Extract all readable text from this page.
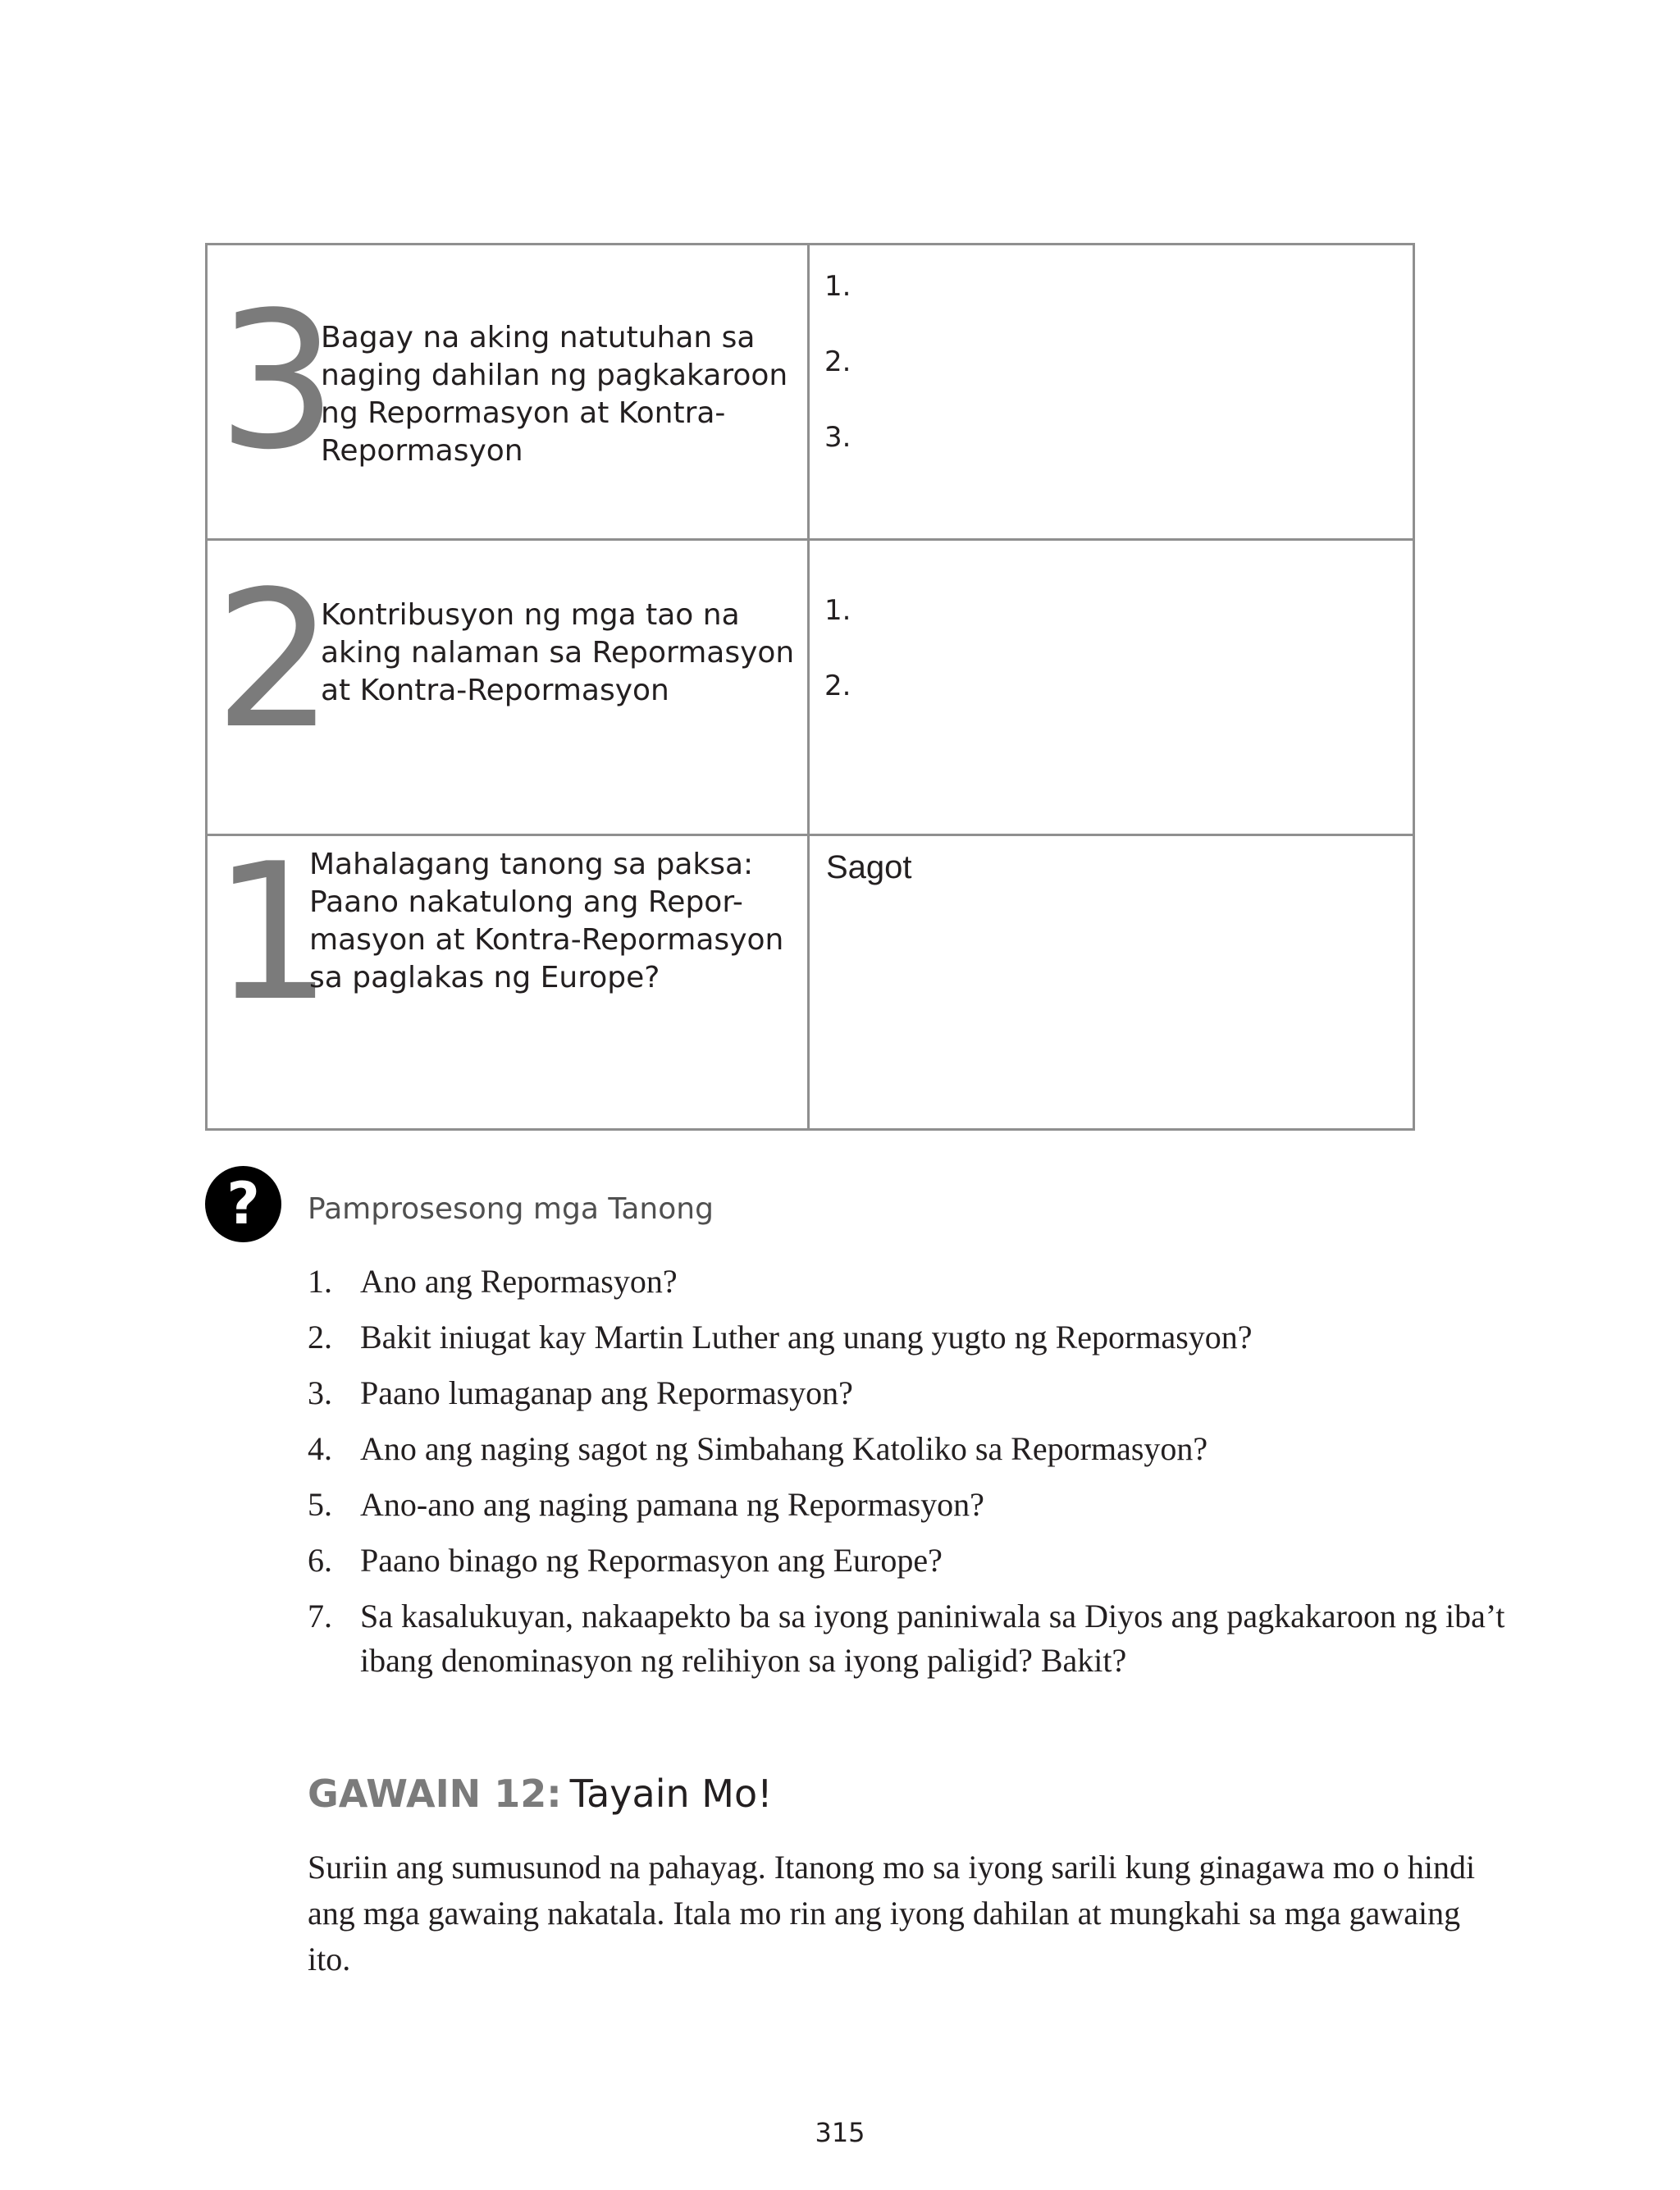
3
Bagay na aking natutuhan sa
naging dahilan ng pagkakaroon
ng Repormasyon at Kontra-
Repormasyon
1.
2.
3.
2
Kontribusyon ng mga tao na
aking nalaman sa Repormasyon
at Kontra-Repormasyon
1.
2.
1
Mahalagang tanong sa paksa:
Paano nakatulong ang Repor-
masyon at Kontra-Repormasyon
sa paglakas ng Europe?
Sagot
?	Pamprosesong mga Tanong
1. Ano ang Repormasyon?
2. Bakit iniugat kay Martin Luther ang unang yugto ng Repormasyon?
3. Paano lumaganap ang Repormasyon?
4. Ano ang naging sagot ng Simbahang Katoliko sa Repormasyon?
5. Ano-ano ang naging pamana ng Repormasyon?
6. Paano binago ng Repormasyon ang Europe?
7. Sa kasalukuyan, nakaapekto ba sa iyong paniniwala sa Diyos ang pagkakaroon ng iba’t ibang denominasyon ng relihiyon sa iyong paligid? Bakit?
GAWAIN 12: Tayain Mo!
Suriin ang sumusunod na pahayag. Itanong mo sa iyong sarili kung ginagawa mo o hindi ang mga gawaing nakatala. Itala mo rin ang iyong dahilan at mungkahi sa mga gawaing ito.
315
